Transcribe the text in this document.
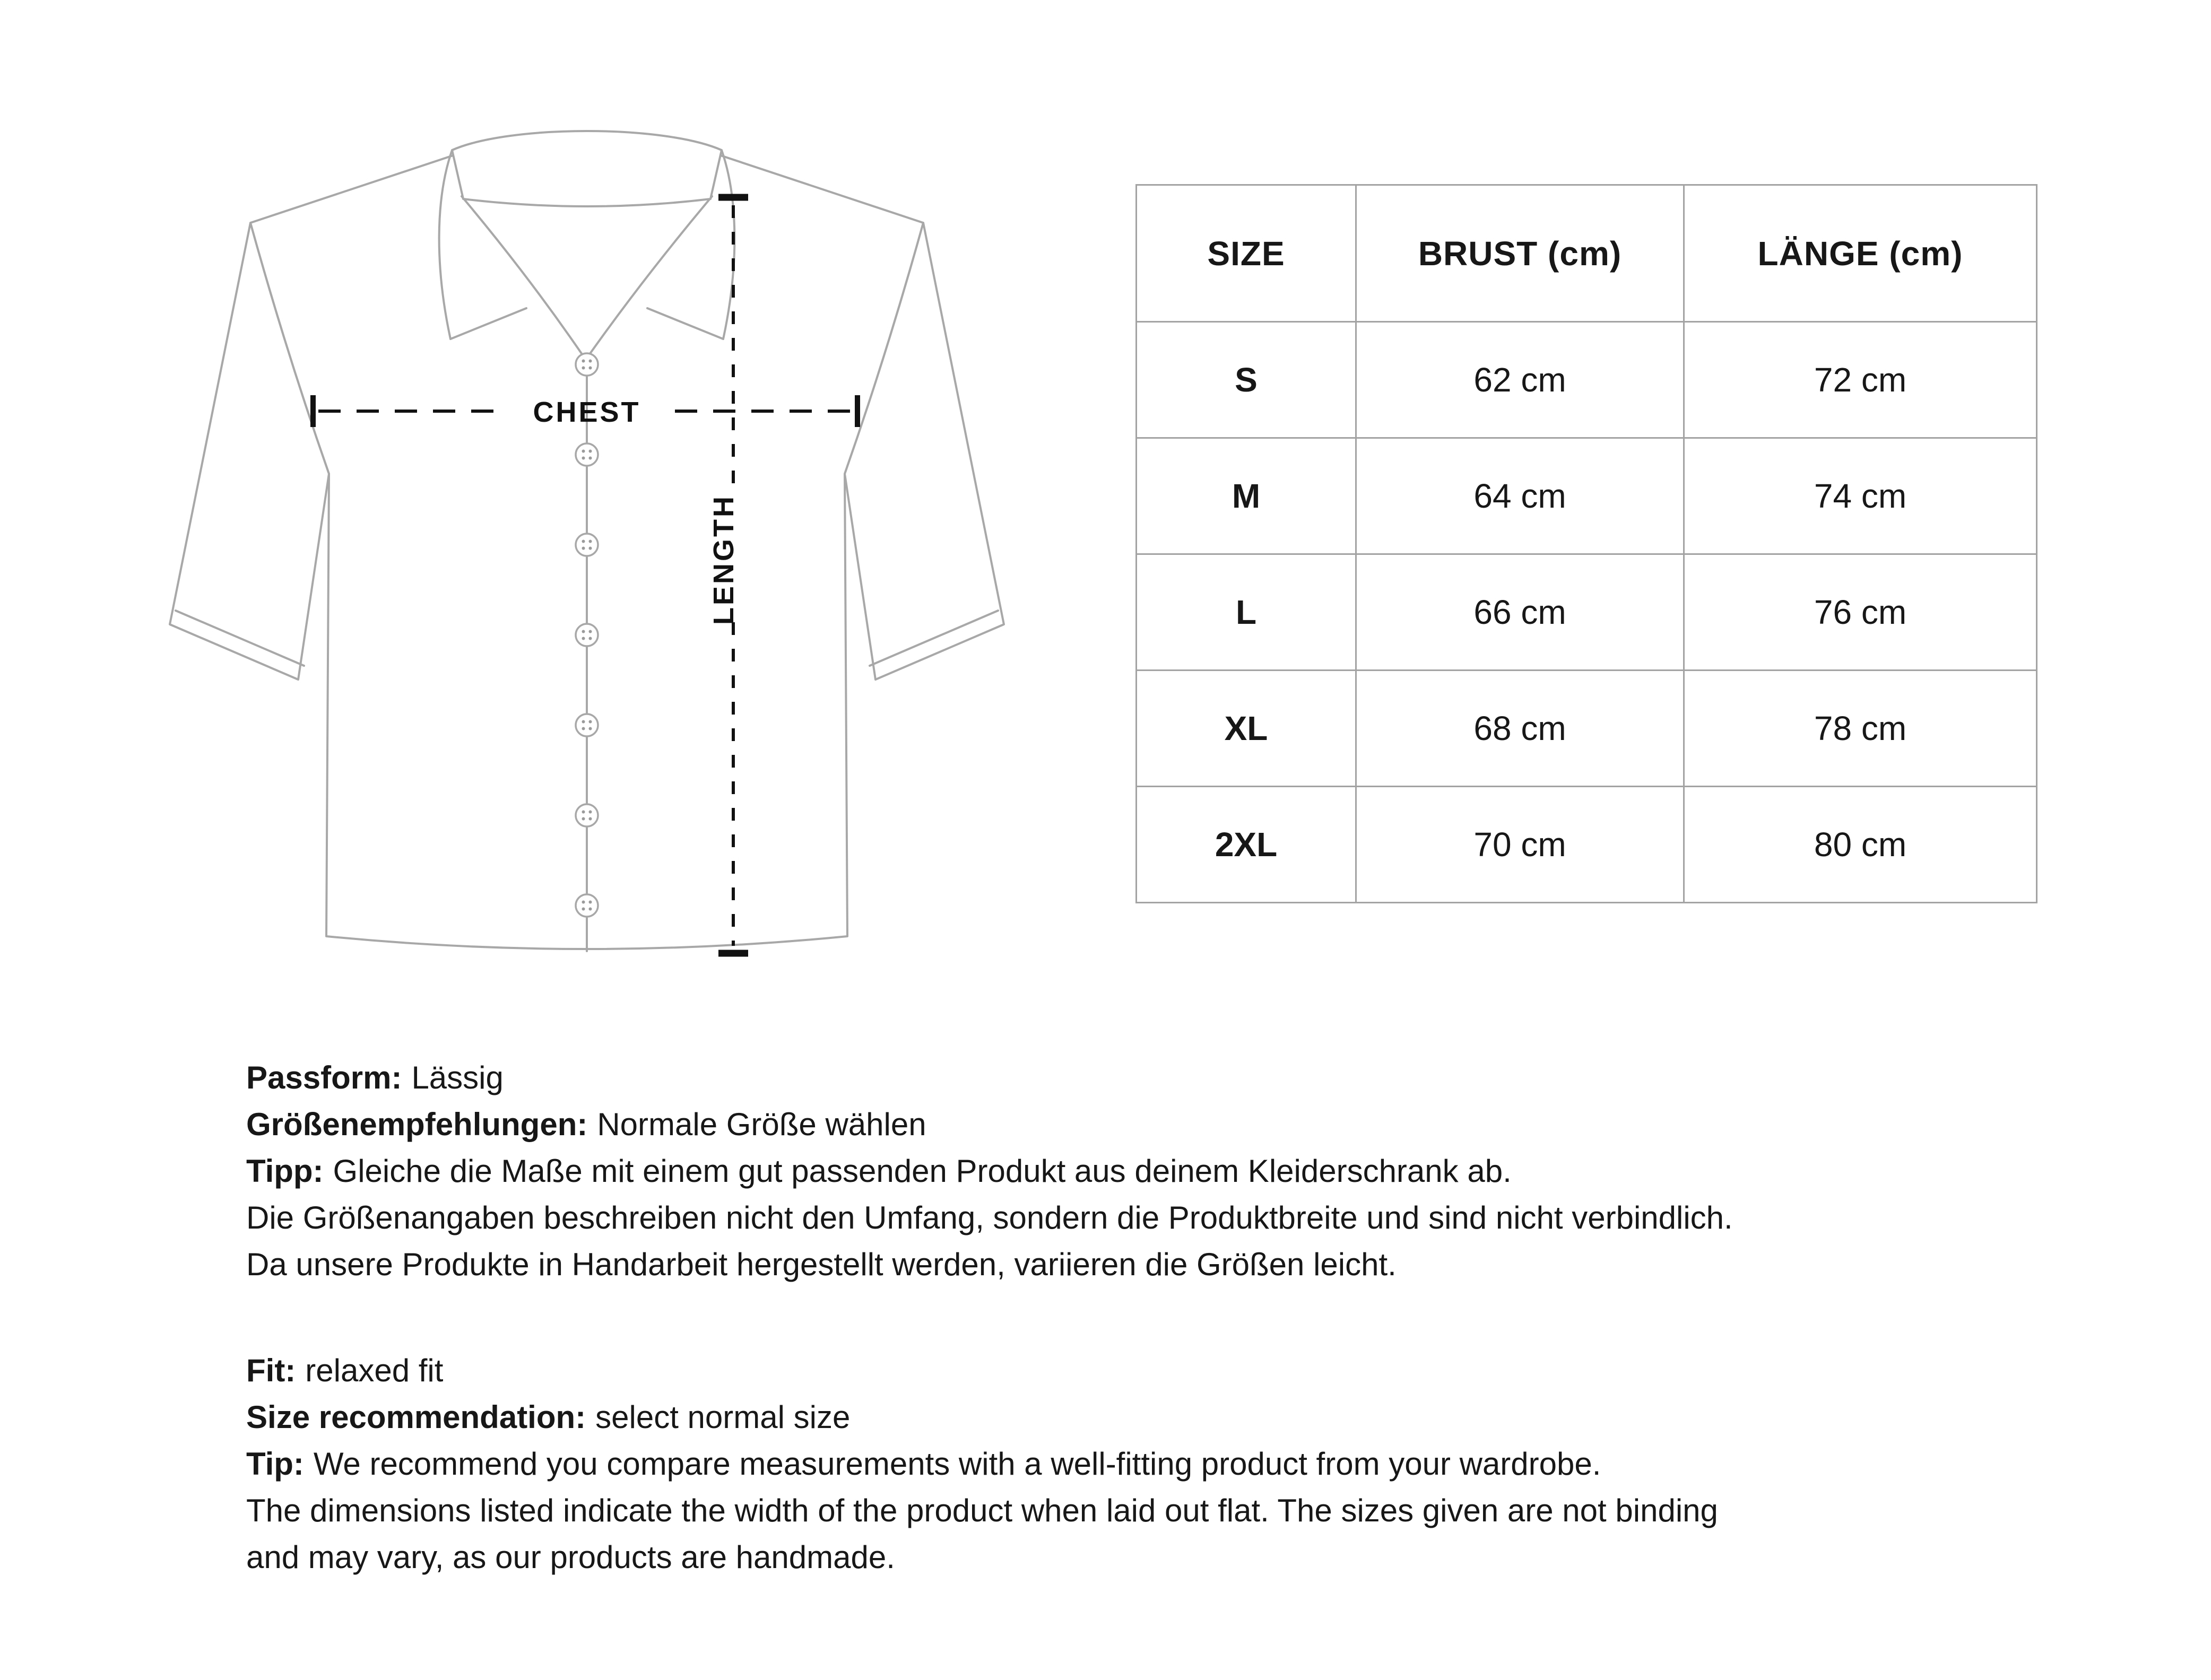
CHEST
LENGTH
SIZE	BRUST (cm)	LÄNGE (cm)
S	62 cm	72 cm
M	64 cm	74 cm
L	66 cm	76 cm
XL	68 cm	78 cm
2XL	70 cm	80 cm
Passform: Lässig
Größenempfehlungen: Normale Größe wählen
Tipp: Gleiche die Maße mit einem gut passenden Produkt aus deinem Kleiderschrank ab.
Die Größenangaben beschreiben nicht den Umfang, sondern die Produktbreite und sind nicht verbindlich.
Da unsere Produkte in Handarbeit hergestellt werden, variieren die Größen leicht.
Fit: relaxed fit
Size recommendation: select normal size
Tip: We recommend you compare measurements with a well-fitting product from your wardrobe.
The dimensions listed indicate the width of the product when laid out flat. The sizes given are not binding
and may vary, as our products are handmade.
